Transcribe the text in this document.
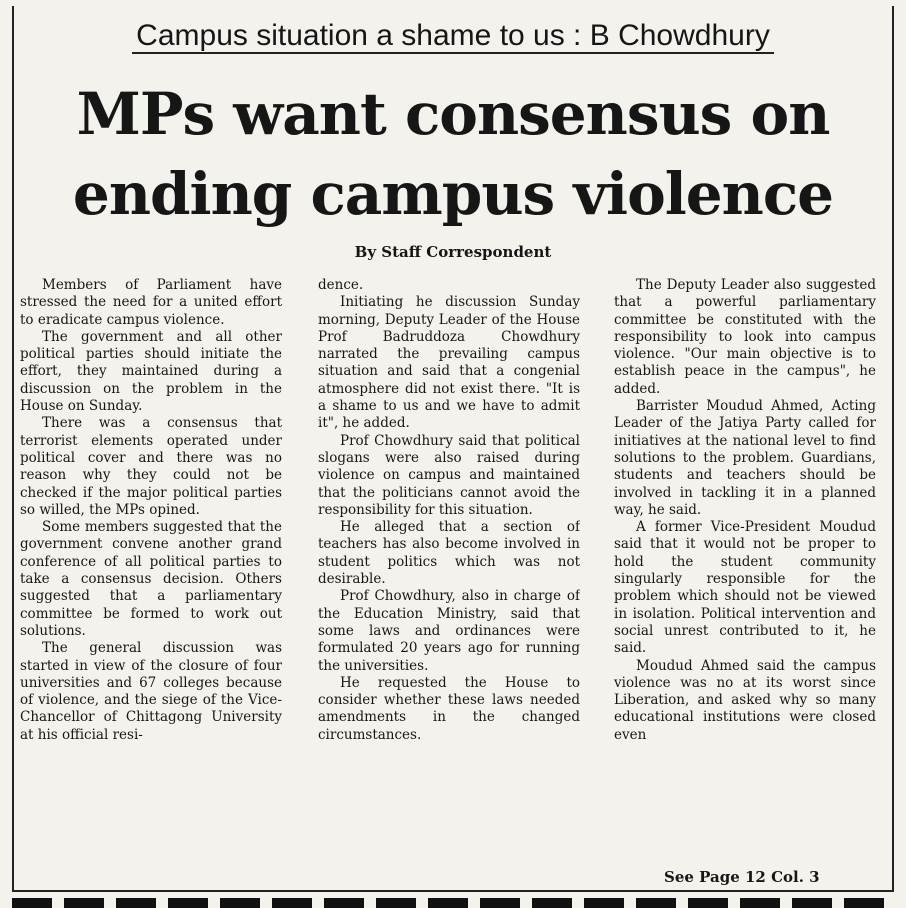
Campus situation a shame to us : B Chowdhury
MPs want consensus on
ending campus violence
By Staff Correspondent

Members of Parliament have stressed the need for a united effort to eradicate campus violence.

The government and all other political parties should initiate the effort, they maintained during a discussion on the problem in the House on Sunday.

There was a consensus that terrorist elements operated under political cover and there was no reason why they could not be checked if the major political parties so willed, the MPs opined.

Some members suggested that the government convene another grand conference of all political parties to take a consensus decision. Others suggested that a parliamentary committee be formed to work out solutions.

The general discussion was started in view of the closure of four universities and 67 colleges because of violence, and the siege of the Vice-Chancellor of Chittagong University at his official resi-

dence.

Initiating he discussion Sunday morning, Deputy Leader of the House Prof Badruddoza Chowdhury narrated the prevailing campus situation and said that a congenial atmosphere did not exist there. "It is a shame to us and we have to admit it", he added.

Prof Chowdhury said that political slogans were also raised during violence on campus and maintained that the politicians cannot avoid the responsibility for this situation.

He alleged that a section of teachers has also become involved in student politics which was not desirable.

Prof Chowdhury, also in charge of the Education Ministry, said that some laws and ordinances were formulated 20 years ago for running the universities.

He requested the House to consider whether these laws needed amendments in the changed circumstances.

The Deputy Leader also suggested that a powerful parliamentary committee be constituted with the responsibility to look into campus violence. "Our main objective is to establish peace in the campus", he added.

Barrister Moudud Ahmed, Acting Leader of the Jatiya Party called for initiatives at the national level to find solutions to the problem. Guardians, students and teachers should be involved in tackling it in a planned way, he said.

A former Vice-President Moudud said that it would not be proper to hold the student community singularly responsible for the problem which should not be viewed in isolation. Political intervention and social unrest contributed to it, he said.

Moudud Ahmed said the campus violence was no at its worst since Liberation, and asked why so many educational institutions were closed even

See Page 12 Col. 3
